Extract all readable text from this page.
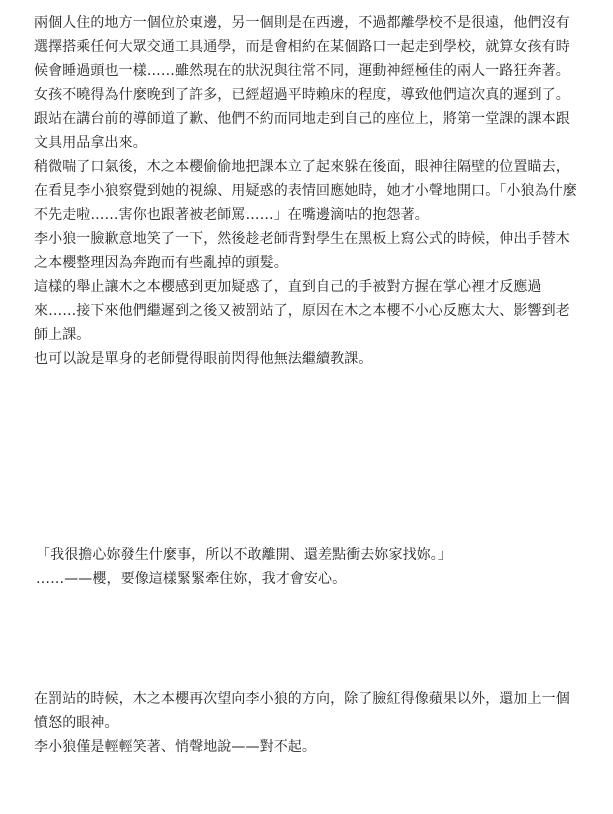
兩個人住的地方一個位於東邊，另一個則是在西邊，不過都離學校不是很遠，他們沒有選擇搭乘任何大眾交通工具通學，而是會相約在某個路口一起走到學校，就算女孩有時候會睡過頭也一樣……雖然現在的狀況與往常不同，運動神經極佳的兩人一路狂奔著。

女孩不曉得為什麼晚到了許多，已經超過平時賴床的程度，導致他們這次真的遲到了。

跟站在講台前的導師道了歉、他們不約而同地走到自己的座位上，將第一堂課的課本跟文具用品拿出來。

稍微喘了口氣後，木之本櫻偷偷地把課本立了起來躲在後面，眼神往隔壁的位置瞄去，在看見李小狼察覺到她的視線、用疑惑的表情回應她時，她才小聲地開口。「小狼為什麼不先走啦……害你也跟著被老師罵……」在嘴邊滴咕的抱怨著。

李小狼一臉歉意地笑了一下，然後趁老師背對學生在黑板上寫公式的時候，伸出手替木之本櫻整理因為奔跑而有些亂掉的頭髮。

這樣的舉止讓木之本櫻感到更加疑惑了，直到自己的手被對方握在掌心裡才反應過來……接下來他們繼遲到之後又被罰站了，原因在木之本櫻不小心反應太大、影響到老師上課。

也可以說是單身的老師覺得眼前閃得他無法繼續教課。

「我很擔心妳發生什麼事，所以不敢離開、還差點衝去妳家找妳。」

……——櫻，要像這樣緊緊牽住妳，我才會安心。

在罰站的時候，木之本櫻再次望向李小狼的方向，除了臉紅得像蘋果以外，還加上一個憤怒的眼神。

李小狼僅是輕輕笑著、悄聲地說——對不起。
